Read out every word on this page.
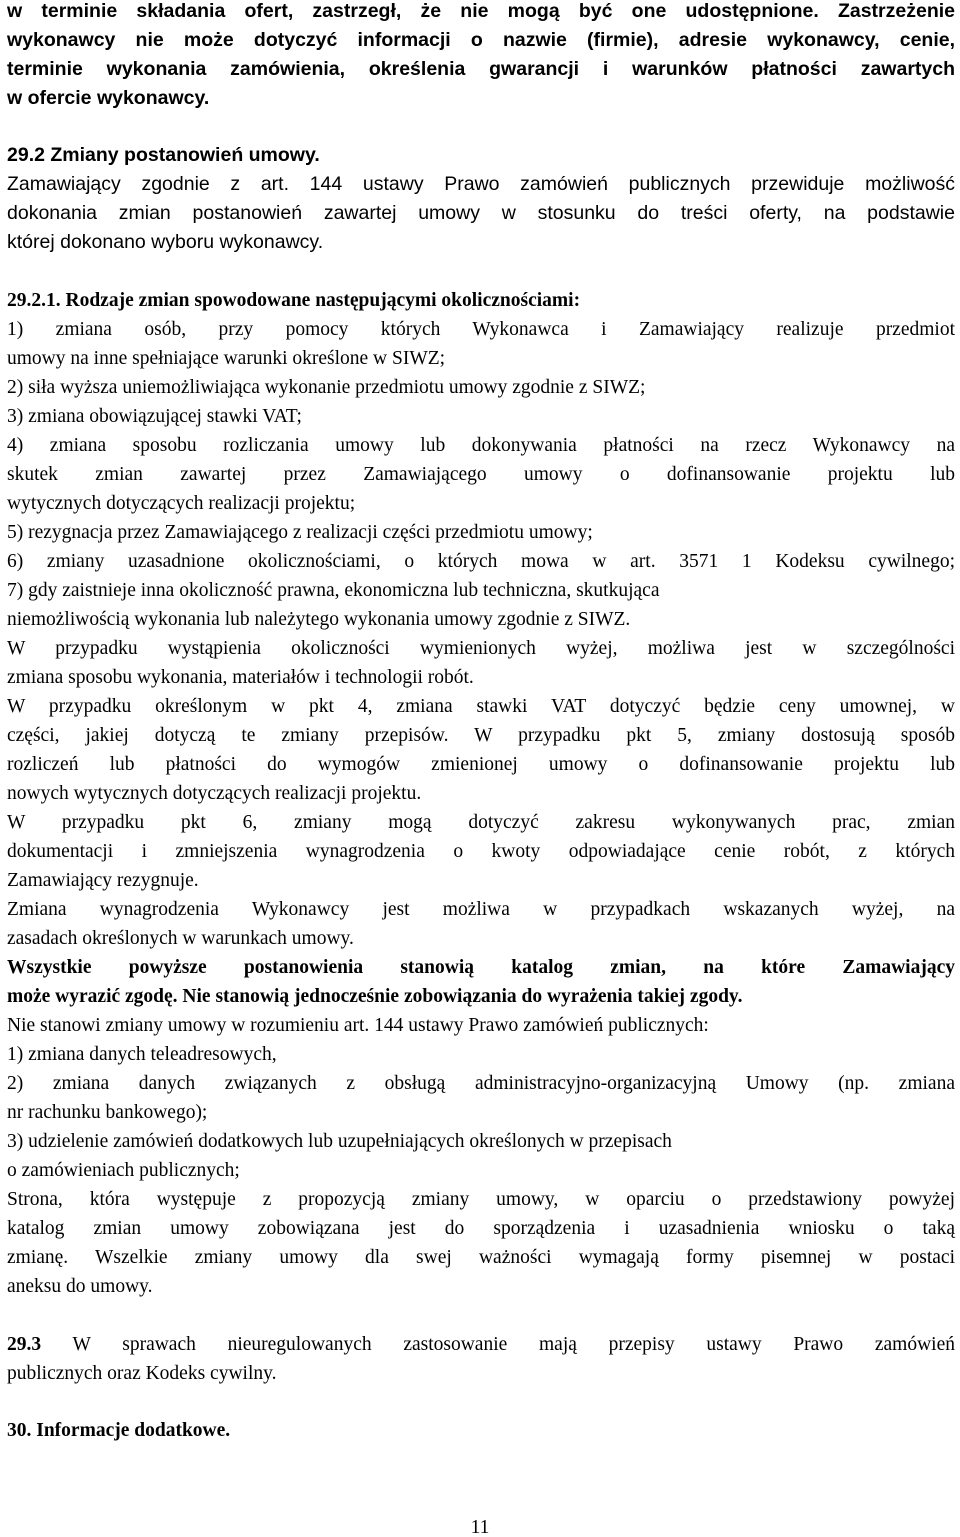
w terminie składania ofert, zastrzegł, że nie mogą być one udostępnione. Zastrzeżenie

wykonawcy nie może dotyczyć informacji o nazwie (firmie), adresie wykonawcy, cenie,

terminie wykonania zamówienia, określenia gwarancji i warunków płatności zawartych

w ofercie wykonawcy.

29.2 Zmiany postanowień umowy.

Zamawiający zgodnie z art. 144 ustawy Prawo zamówień publicznych przewiduje możliwość

dokonania zmian postanowień zawartej umowy w stosunku do treści oferty, na podstawie

której dokonano wyboru wykonawcy.

29.2.1. Rodzaje zmian spowodowane następującymi okolicznościami:

1) zmiana osób, przy pomocy których Wykonawca i Zamawiający realizuje przedmiot

umowy na inne spełniające warunki określone w SIWZ;

2) siła wyższa uniemożliwiająca wykonanie przedmiotu umowy zgodnie z SIWZ;

3) zmiana obowiązującej stawki VAT;

4) zmiana sposobu rozliczania umowy lub dokonywania płatności na rzecz Wykonawcy na

skutek zmian zawartej przez Zamawiającego umowy o dofinansowanie projektu lub

wytycznych dotyczących realizacji projektu;

5) rezygnacja przez Zamawiającego z realizacji części przedmiotu umowy;

6) zmiany uzasadnione okolicznościami, o których mowa w art. 3571 1 Kodeksu cywilnego;

7) gdy zaistnieje inna okoliczność prawna, ekonomiczna lub techniczna, skutkująca

niemożliwością wykonania lub należytego wykonania umowy zgodnie z SIWZ.

W przypadku wystąpienia okoliczności wymienionych wyżej, możliwa jest w szczególności

zmiana sposobu wykonania, materiałów i technologii robót.

W przypadku określonym w pkt 4, zmiana stawki VAT dotyczyć będzie ceny umownej, w

części, jakiej dotyczą te zmiany przepisów. W przypadku pkt 5, zmiany dostosują sposób

rozliczeń lub płatności do wymogów zmienionej umowy o dofinansowanie projektu lub

nowych wytycznych dotyczących realizacji projektu.

W przypadku pkt 6, zmiany mogą dotyczyć zakresu wykonywanych prac, zmian

dokumentacji i zmniejszenia wynagrodzenia o kwoty odpowiadające cenie robót, z których

Zamawiający rezygnuje.

Zmiana wynagrodzenia Wykonawcy jest możliwa w przypadkach wskazanych wyżej, na

zasadach określonych w warunkach umowy.

Wszystkie powyższe postanowienia stanowią katalog zmian, na które Zamawiający

może wyrazić zgodę. Nie stanowią jednocześnie zobowiązania do wyrażenia takiej zgody.

Nie stanowi zmiany umowy w rozumieniu art. 144 ustawy Prawo zamówień publicznych:

1) zmiana danych teleadresowych,

2) zmiana danych związanych z obsługą administracyjno-organizacyjną Umowy (np. zmiana

nr rachunku bankowego);

3) udzielenie zamówień dodatkowych lub uzupełniających określonych w przepisach

o zamówieniach publicznych;

Strona, która występuje z propozycją zmiany umowy, w oparciu o przedstawiony powyżej

katalog zmian umowy zobowiązana jest do sporządzenia i uzasadnienia wniosku o taką

zmianę. Wszelkie zmiany umowy dla swej ważności wymagają formy pisemnej w postaci

aneksu do umowy.

29.3 W sprawach nieuregulowanych zastosowanie mają przepisy ustawy Prawo zamówień

publicznych oraz Kodeks cywilny.

30. Informacje dodatkowe.

11
